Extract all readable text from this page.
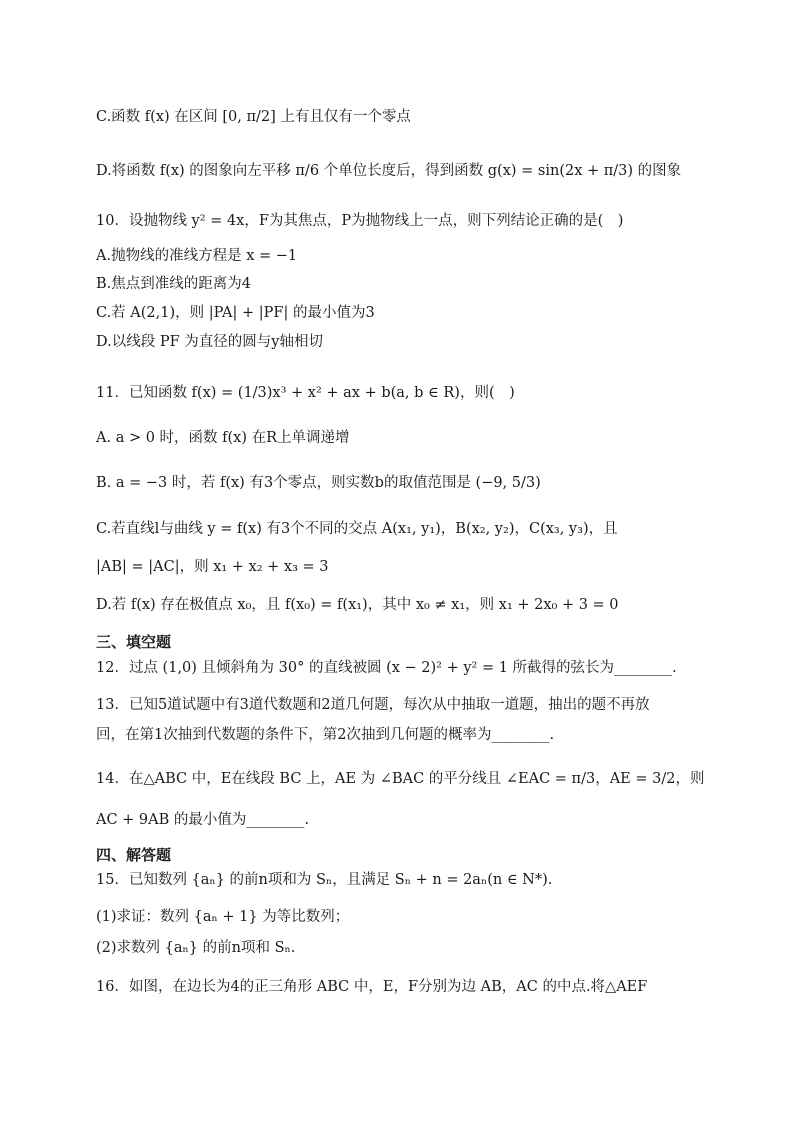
C.函数 f(x) 在区间 [0, π/2] 上有且仅有一个零点
D.将函数 f(x) 的图象向左平移 π/6 个单位长度后，得到函数 g(x) = sin(2x + π/3) 的图象
10．设抛物线 y² = 4x，F为其焦点，P为抛物线上一点，则下列结论正确的是(　)
A.抛物线的准线方程是 x = −1
B.焦点到准线的距离为4
C.若 A(2,1)，则 |PA| + |PF| 的最小值为3
D.以线段 PF 为直径的圆与y轴相切
11．已知函数 f(x) = (1/3)x³ + x² + ax + b(a, b ∈ R)，则(　)
A. a > 0 时，函数 f(x) 在R上单调递增
B. a = −3 时，若 f(x) 有3个零点，则实数b的取值范围是 (−9, 5/3)
C.若直线l与曲线 y = f(x) 有3个不同的交点 A(x₁, y₁)，B(x₂, y₂)，C(x₃, y₃)，且
|AB| = |AC|，则 x₁ + x₂ + x₃ = 3
D.若 f(x) 存在极值点 x₀，且 f(x₀) = f(x₁)，其中 x₀ ≠ x₁，则 x₁ + 2x₀ + 3 = 0
三、填空题
12．过点 (1,0) 且倾斜角为 30° 的直线被圆 (x − 2)² + y² = 1 所截得的弦长为________.
13．已知5道试题中有3道代数题和2道几何题，每次从中抽取一道题，抽出的题不再放
回，在第1次抽到代数题的条件下，第2次抽到几何题的概率为________.
14．在△ABC 中，E在线段 BC 上，AE 为 ∠BAC 的平分线且 ∠EAC = π/3，AE = 3/2，则
AC + 9AB 的最小值为________.
四、解答题
15．已知数列 {aₙ} 的前n项和为 Sₙ，且满足 Sₙ + n = 2aₙ(n ∈ N*).
(1)求证：数列 {aₙ + 1} 为等比数列；
(2)求数列 {aₙ} 的前n项和 Sₙ.
16．如图，在边长为4的正三角形 ABC 中，E，F分别为边 AB，AC 的中点.将△AEF
